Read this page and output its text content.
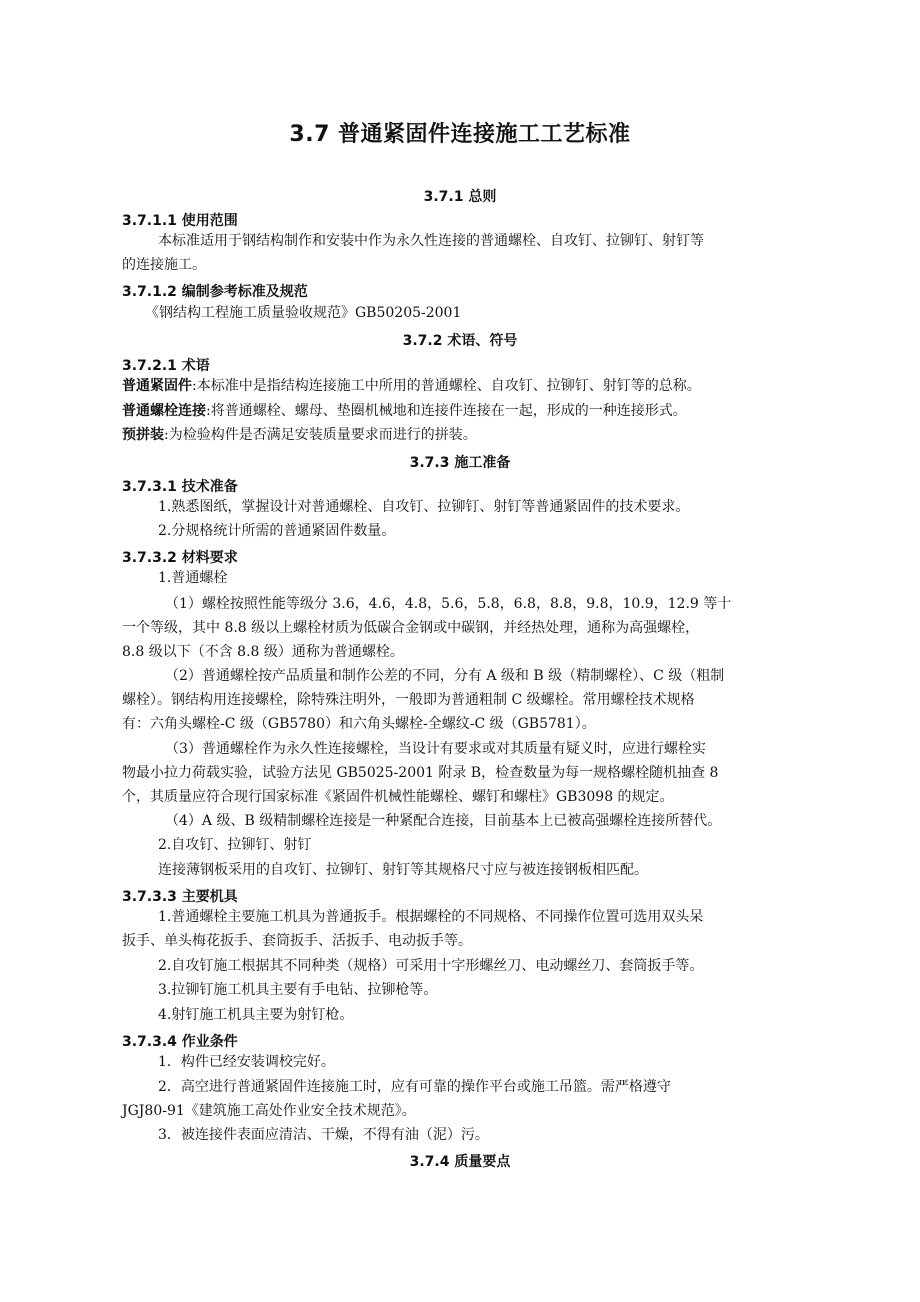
3.7 普通紧固件连接施工工艺标准
3.7.1 总则
3.7.1.1 使用范围
本标准适用于钢结构制作和安装中作为永久性连接的普通螺栓、自攻钉、拉铆钉、射钉等
的连接施工。
3.7.1.2 编制参考标准及规范
《钢结构工程施工质量验收规范》GB50205-2001
3.7.2 术语、符号
3.7.2.1 术语
普通紧固件:本标准中是指结构连接施工中所用的普通螺栓、自攻钉、拉铆钉、射钉等的总称。
普通螺栓连接:将普通螺栓、螺母、垫圈机械地和连接件连接在一起，形成的一种连接形式。
预拼装:为检验构件是否满足安装质量要求而进行的拼装。
3.7.3 施工准备
3.7.3.1 技术准备
1.熟悉图纸，掌握设计对普通螺栓、自攻钉、拉铆钉、射钉等普通紧固件的技术要求。
2.分规格统计所需的普通紧固件数量。
3.7.3.2 材料要求
1.普通螺栓
（1）螺栓按照性能等级分 3.6，4.6，4.8，5.6，5.8，6.8，8.8，9.8，10.9，12.9 等十
一个等级，其中 8.8 级以上螺栓材质为低碳合金钢或中碳钢，并经热处理，通称为高强螺栓，
8.8 级以下（不含 8.8 级）通称为普通螺栓。
（2）普通螺栓按产品质量和制作公差的不同，分有 A 级和 B 级（精制螺栓）、C 级（粗制
螺栓）。钢结构用连接螺栓，除特殊注明外，一般即为普通粗制 C 级螺栓。常用螺栓技术规格
有：六角头螺栓-C 级（GB5780）和六角头螺栓-全螺纹-C 级（GB5781）。
（3）普通螺栓作为永久性连接螺栓，当设计有要求或对其质量有疑义时，应进行螺栓实
物最小拉力荷载实验，试验方法见 GB5025-2001 附录 B，检查数量为每一规格螺栓随机抽查 8
个，其质量应符合现行国家标准《紧固件机械性能螺栓、螺钉和螺柱》GB3098 的规定。
（4）A 级、B 级精制螺栓连接是一种紧配合连接，目前基本上已被高强螺栓连接所替代。
2.自攻钉、拉铆钉、射钉
连接薄钢板采用的自攻钉、拉铆钉、射钉等其规格尺寸应与被连接钢板相匹配。
3.7.3.3 主要机具
1.普通螺栓主要施工机具为普通扳手。根据螺栓的不同规格、不同操作位置可选用双头呆
扳手、单头梅花扳手、套筒扳手、活扳手、电动扳手等。
2.自攻钉施工根据其不同种类（规格）可采用十字形螺丝刀、电动螺丝刀、套筒扳手等。
3.拉铆钉施工机具主要有手电钻、拉铆枪等。
4.射钉施工机具主要为射钉枪。
3.7.3.4 作业条件
1．构件已经安装调校完好。
2．高空进行普通紧固件连接施工时，应有可靠的操作平台或施工吊篮。需严格遵守
JGJ80-91《建筑施工高处作业安全技术规范》。
3．被连接件表面应清洁、干燥，不得有油（泥）污。
3.7.4 质量要点
